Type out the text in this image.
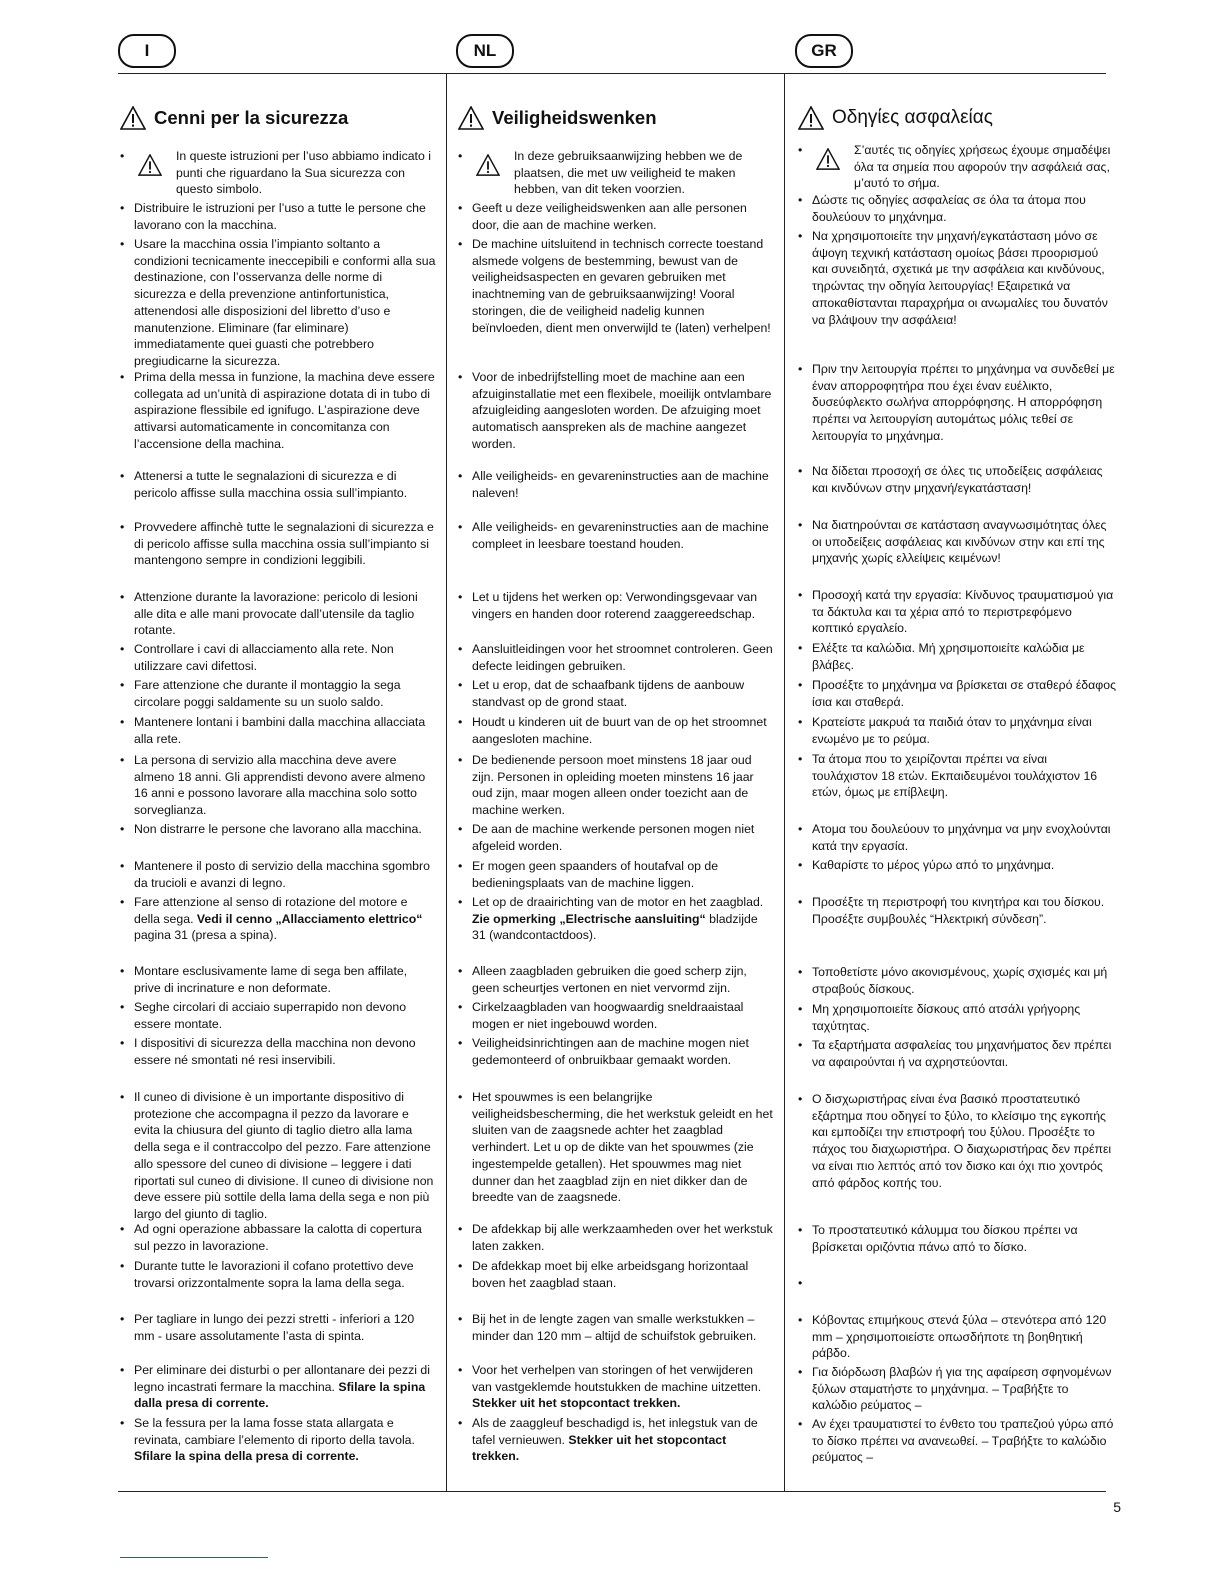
I	NL	GR
Cenni per la sicurezza
• In queste istruzioni per l’uso abbiamo indicato i punti che riguardano la Sua sicurezza con questo simbolo.
• Distribuire le istruzioni per l’uso a tutte le persone che lavorano con la macchina.
• Usare la macchina ossia l’impianto soltanto a condizioni tecnicamente ineccepibili e conformi alla sua destinazione, con l’osservanza delle norme di sicurezza e della prevenzione antinfortunistica, attenendosi alle disposizioni del libretto d’uso e manutenzione. Eliminare (far eliminare) immediatamente quei guasti che potrebbero pregiudicarne la sicurezza.
• Prima della messa in funzione, la machina deve essere collegata ad un’unità di aspirazione dotata di in tubo di aspirazione flessibile ed ignifugo. L’aspirazione deve attivarsi automaticamente in concomitanza con l’accensione della machina.
• Attenersi a tutte le segnalazioni di sicurezza e di pericolo affisse sulla macchina ossia sull’impianto.
• Provvedere affinchè tutte le segnalazioni di sicurezza e di pericolo affisse sulla macchina ossia sull’impianto si mantengono sempre in condizioni leggibili.
• Attenzione durante la lavorazione: pericolo di lesioni alle dita e alle mani provocate dall’utensile da taglio rotante.
• Controllare i cavi di allacciamento alla rete. Non utilizzare cavi difettosi.
• Fare attenzione che durante il montaggio la sega circolare poggi saldamente su un suolo saldo.
• Mantenere lontani i bambini dalla macchina allacciata alla rete.
• La persona di servizio alla macchina deve avere almeno 18 anni. Gli apprendisti devono avere almeno 16 anni e possono lavorare alla macchina solo sotto sorveglianza.
• Non distrarre le persone che lavorano alla macchina.
• Mantenere il posto di servizio della macchina sgombro da trucioli e avanzi di legno.
• Fare attenzione al senso di rotazione del motore e della sega. Vedi il cenno „Allacciamento elettrico“ pagina 31 (presa a spina).
• Montare esclusivamente lame di sega ben affilate, prive di incrinature e non deformate.
• Seghe circolari di acciaio superrapido non devono essere montate.
• I dispositivi di sicurezza della macchina non devono essere né smontati né resi inservibili.
• Il cuneo di divisione è un importante dispositivo di protezione che accompagna il pezzo da lavorare e evita la chiusura del giunto di taglio dietro alla lama della sega e il contraccolpo del pezzo. Fare attenzione allo spessore del cuneo di divisione – leggere i dati riportati sul cuneo di divisione. Il cuneo di divisione non deve essere più sottile della lama della sega e non più largo del giunto di taglio.
• Ad ogni operazione abbassare la calotta di copertura sul pezzo in lavorazione.
• Durante tutte le lavorazioni il cofano protettivo deve trovarsi orizzontalmente sopra la lama della sega.
• Per tagliare in lungo dei pezzi stretti - inferiori a 120 mm - usare assolutamente l’asta di spinta.
• Per eliminare dei disturbi o per allontanare dei pezzi di legno incastrati fermare la macchina. Sfilare la spina dalla presa di corrente.
• Se la fessura per la lama fosse stata allargata e revinata, cambiare l’elemento di riporto della tavola. Sfilare la spina della presa di corrente.
Veiligheidswenken
• In deze gebruiksaanwijzing hebben we de plaatsen, die met uw veiligheid te maken hebben, van dit teken voorzien.
• Geeft u deze veiligheidswenken aan alle personen door, die aan de machine werken.
• De machine uitsluitend in technisch correcte toestand alsmede volgens de bestemming, bewust van de veiligheidsaspecten en gevaren gebruiken met inachtneming van de gebruiksaanwijzing! Vooral storingen, die de veiligheid nadelig kunnen beïnvloeden, dient men onverwijld te (laten) verhelpen!
• Voor de inbedrijfstelling moet de machine aan een afzuiginstallatie met een flexibele, moeilijk ontvlambare afzuigleiding aangesloten worden. De afzuiging moet automatisch aanspreken als de machine aangezet worden.
• Alle veiligheids- en gevareninstructies aan de machine naleven!
• Alle veiligheids- en gevareninstructies aan de machine compleet in leesbare toestand houden.
• Let u tijdens het werken op: Verwondingsgevaar van vingers en handen door roterend zaaggereedschap.
• Aansluitleidingen voor het stroomnet controleren. Geen defecte leidingen gebruiken.
• Let u erop, dat de schaafbank tijdens de aanbouw standvast op de grond staat.
• Houdt u kinderen uit de buurt van de op het stroomnet aangesloten machine.
• De bedienende persoon moet minstens 18 jaar oud zijn. Personen in opleiding moeten minstens 16 jaar oud zijn, maar mogen alleen onder toezicht aan de machine werken.
• De aan de machine werkende personen mogen niet afgeleid worden.
• Er mogen geen spaanders of houtafval op de bedieningsplaats van de machine liggen.
• Let op de draairichting van de motor en het zaagblad. Zie opmerking „Electrische aansluiting“ bladzijde 31 (wandcontactdoos).
• Alleen zaagbladen gebruiken die goed scherp zijn, geen scheurtjes vertonen en niet vervormd zijn.
• Cirkelzaagbladen van hoogwaardig sneldraaistaal mogen er niet ingebouwd worden.
• Veiligheidsinrichtingen aan de machine mogen niet gedemonteerd of onbruikbaar gemaakt worden.
• Het spouwmes is een belangrijke veiligheidsbescherming, die het werkstuk geleidt en het sluiten van de zaagsnede achter het zaagblad verhindert. Let u op de dikte van het spouwmes (zie ingestempelde getallen). Het spouwmes mag niet dunner dan het zaagblad zijn en niet dikker dan de breedte van de zaagsnede.
• De afdekkap bij alle werkzaamheden over het werkstuk laten zakken.
• De afdekkap moet bij elke arbeidsgang horizontaal boven het zaagblad staan.
• Bij het in de lengte zagen van smalle werkstukken – minder dan 120 mm – altijd de schuifstok gebruiken.
• Voor het verhelpen van storingen of het verwijderen van vastgeklemde houtstukken de machine uitzetten. Stekker uit het stopcontact trekken.
• Als de zaaggleuf beschadigd is, het inlegstuk van de tafel vernieuwen. Stekker uit het stopcontact trekken.
Οδηγίες ασφαλείας
• Σ’αυτές τις οδηγίες χρήσεως έχουμε σημαδέψει όλα τα σημεία που αφορούν την ασφάλειά σας, μ’αυτό το σήμα.
• Δώστε τις οδηγίες ασφαλείας σε όλα τα άτομα που δουλεύουν το μηχάνημα.
• Να χρησιμοποιείτε την μηχανή/εγκατάσταση μόνο σε άψογη τεχνική κατάσταση ομοίως βάσει προορισμού και συνειδητά, σχετικά με την ασφάλεια και κινδύνους, τηρώντας την οδηγία λειτουργίας! Εξαιρετικά να αποκαθίστανται παραχρήμα οι ανωμαλίες του δυνατόν να βλάψουν την ασφάλεια!
• Πριν την λειτουργία πρέπει το μηχάνημα να συνδεθεί με έναν απορροφητήρα που έχει έναν ευέλικτο, δυσεύφλεκτο σωλήνα απορρόφησης. Η απορρόφηση πρέπει να λειτουργίση αυτομάτως μόλις τεθεί σε λειτουργία το μηχάνημα.
• Να δίδεται προσοχή σε όλες τις υποδείξεις ασφάλειας και κινδύνων στην μηχανή/εγκατάσταση!
• Να διατηρούνται σε κατάσταση αναγνωσιμότητας όλες οι υποδείξεις ασφάλειας και κινδύνων στην και επί της μηχανής χωρίς ελλείψεις κειμένων!
• Προσοχή κατά την εργασία: Κίνδυνος τραυματισμού για τα δάκτυλα και τα χέρια από το περιστρεφόμενο κοπτικό εργαλείο.
• Ελέξτε τα καλώδια. Μή χρησιμοποιείτε καλώδια με βλάβες.
• Προσέξτε το μηχάνημα να βρίσκεται σε σταθερό έδαφος ίσια και σταθερά.
• Κρατείστε μακρυά τα παιδιά όταν το μηχάνημα είναι ενωμένο με το ρεύμα.
• Τα άτομα που το χειρίζονται πρέπει να είναι τουλάχιστον 18 ετών. Εκπαιδευμένοι τουλάχιστον 16 ετών, όμως με επίβλεψη.
• Ατομα του δουλεύουν το μηχάνημα να μην ενοχλούνται κατά την εργασία.
• Καθαρίστε το μέρος γύρω από το μηχάνημα.
• Προσέξτε τη περιστροφή του κινητήρα και του δίσκου. Προσέξτε συμβουλές “Ηλεκτρική σύνδεση”.
• Τοποθετίστε μόνο ακονισμένους, χωρίς σχισμές και μή στραβούς δίσκους.
• Μη χρησιμοποιείτε δίσκους από ατσάλι γρήγορης ταχύτητας.
• Τα εξαρτήματα ασφαλείας του μηχανήματος δεν πρέπει να αφαιρούνται ή να αχρηστεύονται.
• Ο δισχωριστήρας είναι ένα βασικό προστατευτικό εξάρτημα που οδηγεί το ξύλο, το κλείσιμο της εγκοπής και εμποδίζει την επιστροφή του ξύλου. Προσέξτε το πάχος του διαχωριστήρα. Ο διαχωριστήρας δεν πρέπει να είναι πιο λεπτός από τον δισκο και όχι πιο χοντρός από φάρδος κοπής του.
• Το προστατευτικό κάλυμμα του δίσκου πρέπει να βρίσκεται οριζόντια πάνω από το δίσκο.
• Κόβοντας επιμήκους στενά ξύλα – στενότερα από 120 mm – χρησιμοποιείστε οπωσδήποτε τη βοηθητική ράβδο.
• Για διόρδωση βλαβών ή για της αφαίρεση σφηνομένων ξύλων σταματήστε το μηχάνημα. – Τραβήξτε το καλώδιο ρεύματος –
• Αν έχει τραυματιστεί το ένθετο του τραπεζιού γύρω από το δίσκο πρέπει να ανανεωθεί. – Τραβήξτε το καλώδιο ρεύματος –
5
